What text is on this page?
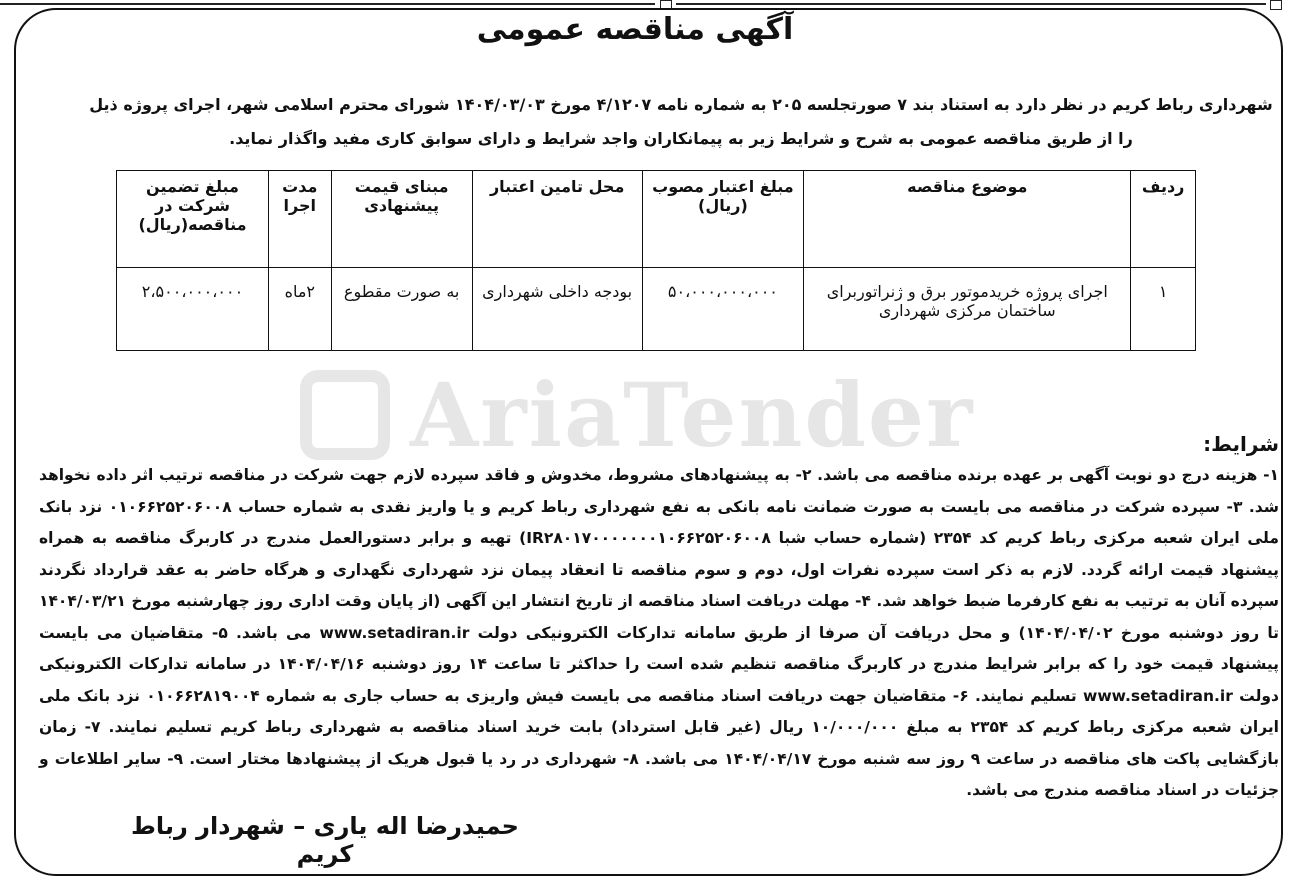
AriaTender
آگهی مناقصه عمومی
شهرداری رباط کریم در نظر دارد به استناد بند ۷ صورتجلسه ۲۰۵ به شماره نامه ۴/۱۲۰۷ مورخ ۱۴۰۴/۰۳/۰۳ شورای محترم اسلامی شهر، اجرای پروژه ذیل را از طریق مناقصه عمومی به شرح و شرایط زیر به پیمانکاران واجد شرایط و دارای سوابق کاری مفید واگذار نماید.
ردیف	موضوع مناقصه	مبلغ اعتبار مصوب (ریال)	محل تامین اعتبار	مبنای قیمت پیشنهادی	مدت اجرا	مبلغ تضمین شرکت در مناقصه(ریال)
۱	اجرای پروژه خریدموتور برق و ژنراتوربرای ساختمان مرکزی شهرداری	۵۰،۰۰۰،۰۰۰،۰۰۰	بودجه داخلی شهرداری	به صورت مقطوع	۲ماه	۲،۵۰۰،۰۰۰،۰۰۰
شرایط:
۱- هزینه درج دو نوبت آگهی بر عهده برنده مناقصه می باشد. ۲- به پیشنهادهای مشروط، مخدوش و فاقد سپرده لازم جهت شرکت در مناقصه ترتیب اثر داده نخواهد شد. ۳- سپرده شرکت در مناقصه می بایست به صورت ضمانت نامه بانکی به نفع شهرداری رباط کریم و یا واریز نقدی به شماره حساب ۰۱۰۶۶۲۵۲۰۶۰۰۸ نزد بانک ملی ایران شعبه مرکزی رباط کریم کد ۲۳۵۴ (شماره حساب شبا IR۲۸۰۱۷۰۰۰۰۰۰۰۱۰۶۶۲۵۲۰۶۰۰۸) تهیه و برابر دستورالعمل مندرج در کاربرگ مناقصه به همراه پیشنهاد قیمت ارائه گردد. لازم به ذکر است سپرده نفرات اول، دوم و سوم مناقصه تا انعقاد پیمان نزد شهرداری نگهداری و هرگاه حاضر به عقد قرارداد نگردند سپرده آنان به ترتیب به نفع کارفرما ضبط خواهد شد. ۴- مهلت دریافت اسناد مناقصه از تاریخ انتشار این آگهی (از پایان وقت اداری روز چهارشنبه مورخ ۱۴۰۴/۰۳/۲۱ تا روز دوشنبه مورخ ۱۴۰۴/۰۴/۰۲) و محل دریافت آن صرفا از طریق سامانه تدارکات الکترونیکی دولت www.setadiran.ir می باشد. ۵- متقاضیان می بایست پیشنهاد قیمت خود را که برابر شرایط مندرج در کاربرگ مناقصه تنظیم شده است را حداکثر تا ساعت ۱۴ روز دوشنبه ۱۴۰۴/۰۴/۱۶ در سامانه تدارکات الکترونیکی دولت www.setadiran.ir تسلیم نمایند. ۶- متقاضیان جهت دریافت اسناد مناقصه می بایست فیش واریزی به حساب جاری به شماره ۰۱۰۶۶۲۸۱۹۰۰۴ نزد بانک ملی ایران شعبه مرکزی رباط کریم کد ۲۳۵۴ به مبلغ ۱۰/۰۰۰/۰۰۰ ریال (غیر قابل استرداد) بابت خرید اسناد مناقصه به شهرداری رباط کریم تسلیم نمایند. ۷- زمان بازگشایی پاکت های مناقصه در ساعت ۹ روز سه شنبه مورخ ۱۴۰۴/۰۴/۱۷ می باشد. ۸- شهرداری در رد یا قبول هریک از پیشنهادها مختار است. ۹- سایر اطلاعات و جزئیات در اسناد مناقصه مندرج می باشد.
حمیدرضا اله یاری – شهردار رباط کریم
